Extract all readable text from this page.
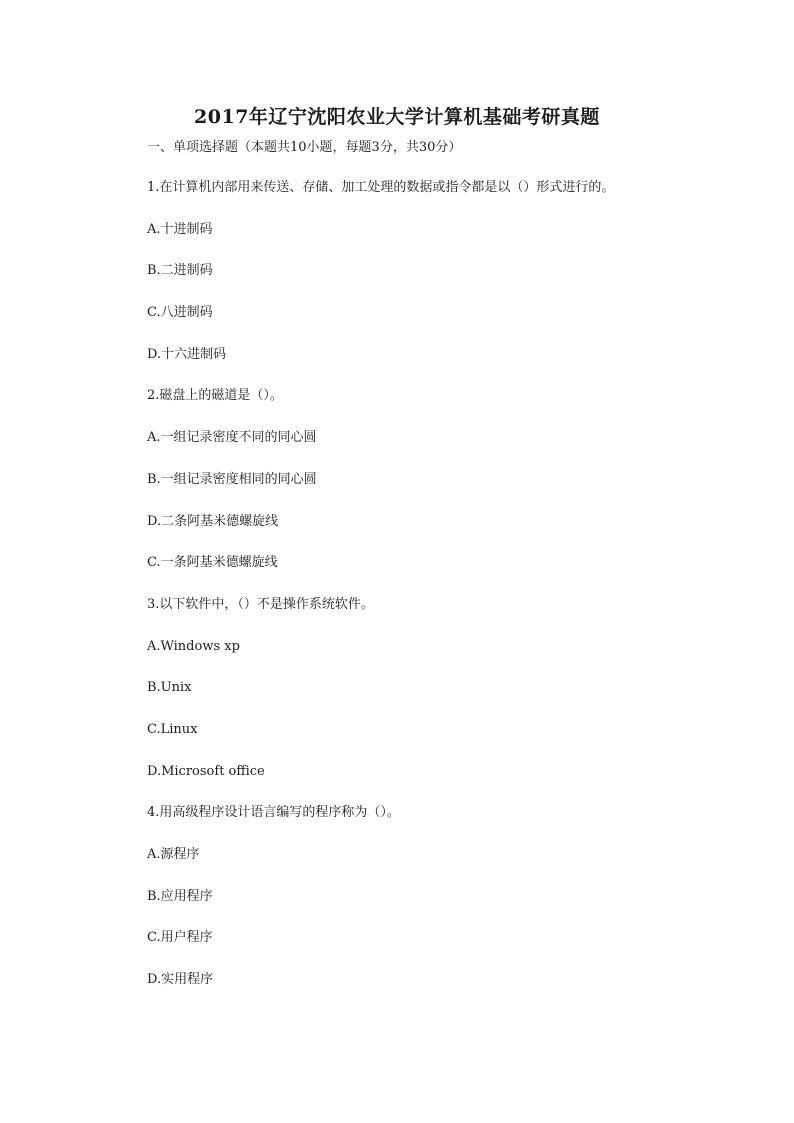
2017年辽宁沈阳农业大学计算机基础考研真题
一、单项选择题（本题共10小题，每题3分，共30分）
1.在计算机内部用来传送、存储、加工处理的数据或指令都是以（）形式进行的。
A.十进制码
B.二进制码
C.八进制码
D.十六进制码
2.磁盘上的磁道是（）。
A.一组记录密度不同的同心圆
B.一组记录密度相同的同心圆
D.二条阿基米德螺旋线
C.一条阿基米德螺旋线
3.以下软件中，（）不是操作系统软件。
A.Windows xp
B.Unix
C.Linux
D.Microsoft office
4.用高级程序设计语言编写的程序称为（）。
A.源程序
B.应用程序
C.用户程序
D.实用程序
